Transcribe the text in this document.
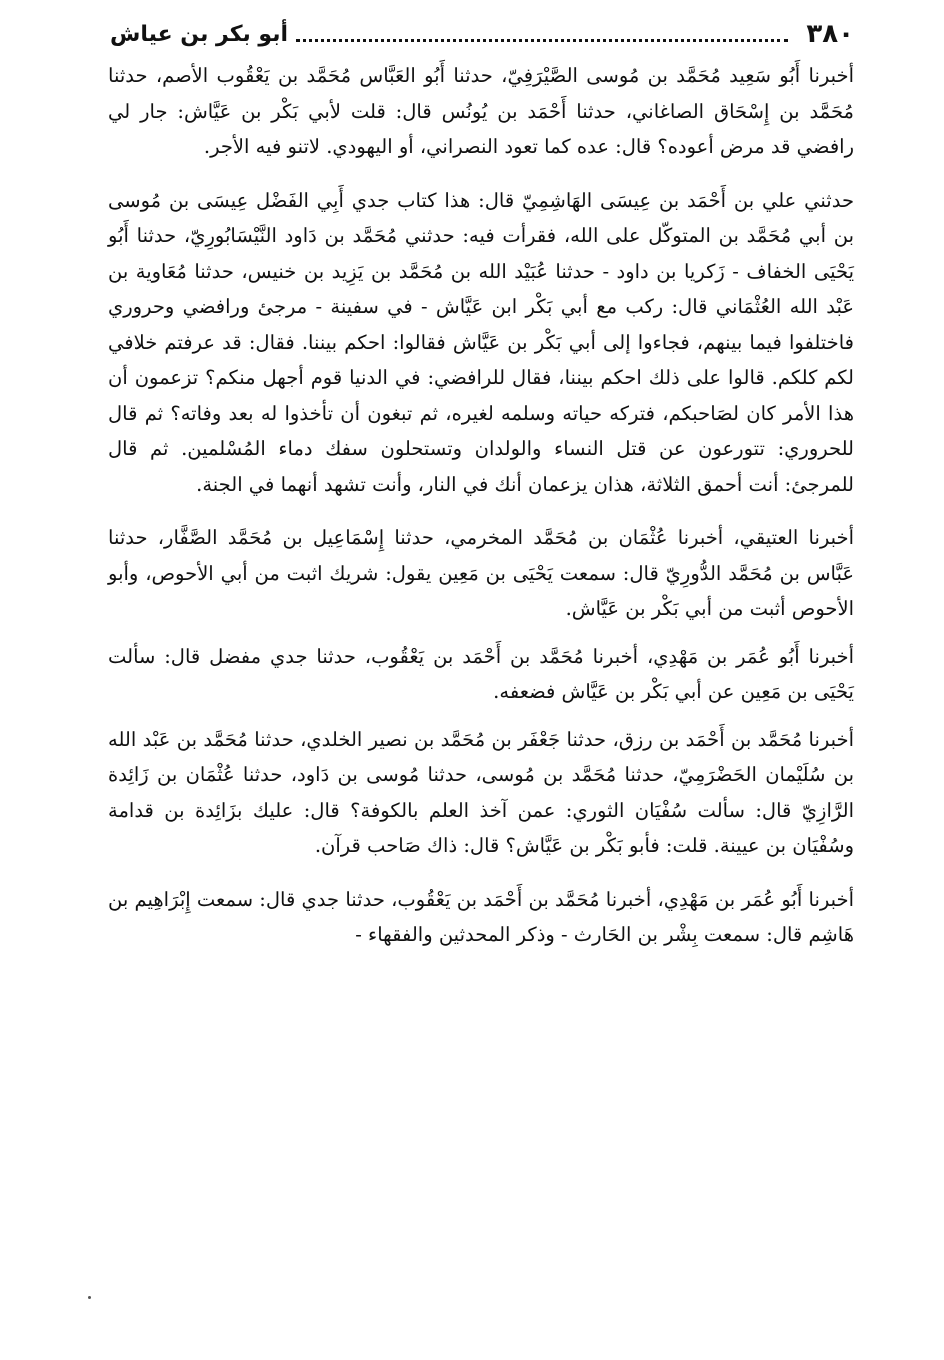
٣٨٠
أبو بكر بن عياش

أخبرنا أَبُو سَعِيد مُحَمَّد بن مُوسى الصَّيْرَفِيّ، حدثنا أَبُو العَبَّاس مُحَمَّد بن يَعْقُوب الأصم، حدثنا مُحَمَّد بن إِسْحَاق الصاغاني، حدثنا أَحْمَد بن يُونُس قال: قلت لأبي بَكْر بن عَيَّاش: جار لي رافضي قد مرض أعوده؟ قال: عده كما تعود النصراني، أو اليهودي. لاتنو فيه الأجر.

حدثني علي بن أَحْمَد بن عِيسَى الهَاشِمِيّ قال: هذا كتاب جدي أَبِي الفَضْل عِيسَى بن مُوسى بن أبي مُحَمَّد بن المتوكّل على الله، فقرأت فيه: حدثني مُحَمَّد بن دَاود النَّيْسَابُورِيّ، حدثنا أَبُو يَحْيَى الخفاف - زَكريا بن داود - حدثنا عُبَيْد الله بن مُحَمَّد بن يَزِيد بن خنيس، حدثنا مُعَاوية بن عَبْد الله العُثْمَاني قال: ركب مع أبي بَكْر ابن عَيَّاش - في سفينة - مرجئ ورافضي وحروري فاختلفوا فيما بينهم، فجاءوا إلى أبي بَكْر بن عَيَّاش فقالوا: احكم بيننا. فقال: قد عرفتم خلافي لكم كلكم. قالوا على ذلك احكم بيننا، فقال للرافضي: في الدنيا قوم أجهل منكم؟ تزعمون أن هذا الأمر كان لصَاحبكم، فتركه حياته وسلمه لغيره، ثم تبغون أن تأخذوا له بعد وفاته؟ ثم قال للحروري: تتورعون عن قتل النساء والولدان وتستحلون سفك دماء المُسْلمين. ثم قال للمرجئ: أنت أحمق الثلاثة، هذان يزعمان أنك في النار، وأنت تشهد أنهما في الجنة.

أخبرنا العتيقي، أخبرنا عُثْمَان بن مُحَمَّد المخرمي، حدثنا إِسْمَاعِيل بن مُحَمَّد الصَّفَّار، حدثنا عَبَّاس بن مُحَمَّد الدُّورِيّ قال: سمعت يَحْيَى بن مَعِين يقول: شريك اثبت من أبي الأحوص، وأبو الأحوص أثبت من أبي بَكْر بن عَيَّاش.

أخبرنا أَبُو عُمَر بن مَهْدِي، أخبرنا مُحَمَّد بن أَحْمَد بن يَعْقُوب، حدثنا جدي مفضل قال: سألت يَحْيَى بن مَعِين عن أبي بَكْر بن عَيَّاش فضعفه.

أخبرنا مُحَمَّد بن أَحْمَد بن رزق، حدثنا جَعْفَر بن مُحَمَّد بن نصير الخلدي، حدثنا مُحَمَّد بن عَبْد الله بن سُلَيْمان الحَضْرَمِيّ، حدثنا مُحَمَّد بن مُوسى، حدثنا مُوسى بن دَاود، حدثنا عُثْمَان بن زَائِدة الرَّازِيّ قال: سألت سُفْيَان الثوري: عمن آخذ العلم بالكوفة؟ قال: عليك بزَائِدة بن قدامة وسُفْيَان بن عيينة. قلت: فأبو بَكْر بن عَيَّاش؟ قال: ذاك صَاحب قرآن.

أخبرنا أَبُو عُمَر بن مَهْدِي، أخبرنا مُحَمَّد بن أَحْمَد بن يَعْقُوب، حدثنا جدي قال: سمعت إِبْرَاهِيم بن هَاشِم قال: سمعت بِشْر بن الحَارث - وذكر المحدثين والفقهاء -
